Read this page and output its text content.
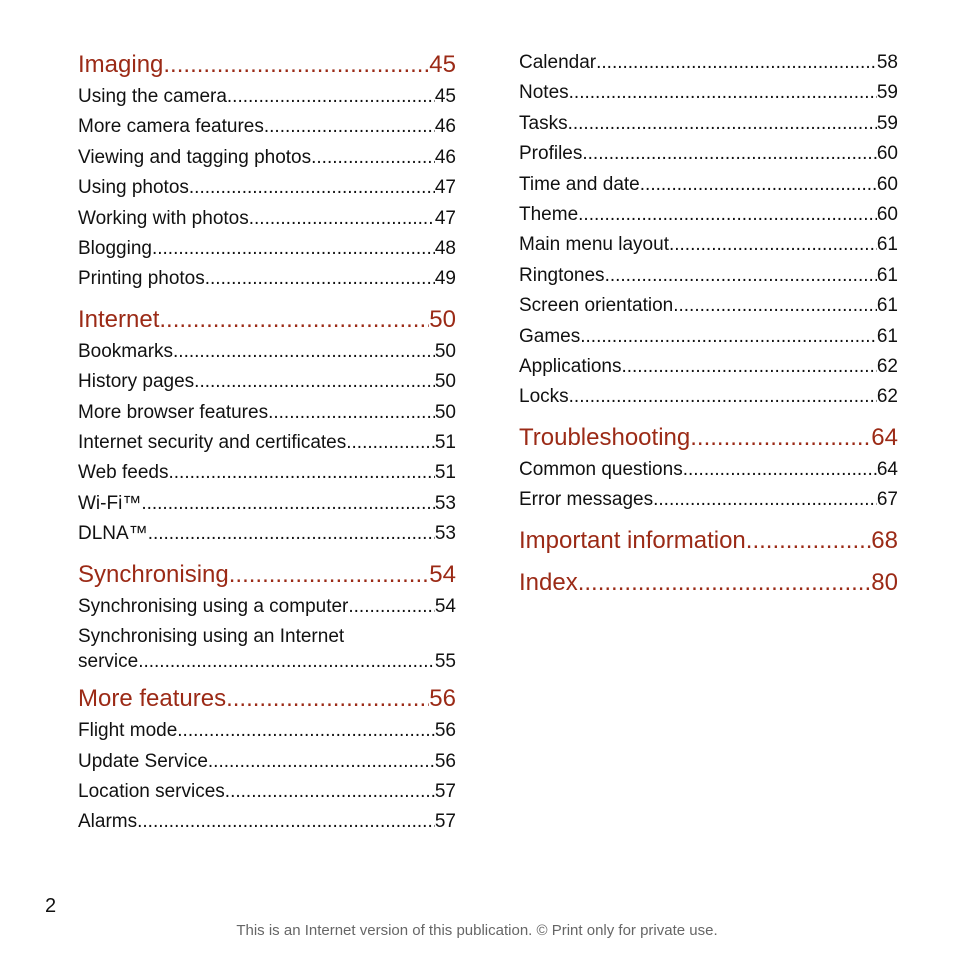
Imaging .....	45
Using the camera .....	45
More camera features .....	46
Viewing and tagging photos .....	46
Using photos .....	47
Working with photos .....	47
Blogging .....	48
Printing photos .....	49
Internet .....	50
Bookmarks .....	50
History pages .....	50
More browser features .....	50
Internet security and certificates .....	51
Web feeds .....	51
Wi-Fi™ .....	53
DLNA™ .....	53
Synchronising .....	54
Synchronising using a computer .....	54
Synchronising using an Internet
service .....	55
More features .....	56
Flight mode .....	56
Update Service .....	56
Location services .....	57
Alarms .....	57
Calendar .....	58
Notes .....	59
Tasks .....	59
Profiles .....	60
Time and date .....	60
Theme .....	60
Main menu layout .....	61
Ringtones .....	61
Screen orientation .....	61
Games .....	61
Applications .....	62
Locks .....	62
Troubleshooting .....	64
Common questions .....	64
Error messages .....	67
Important information .....	68
Index .....	80
2
This is an Internet version of this publication. © Print only for private use.
